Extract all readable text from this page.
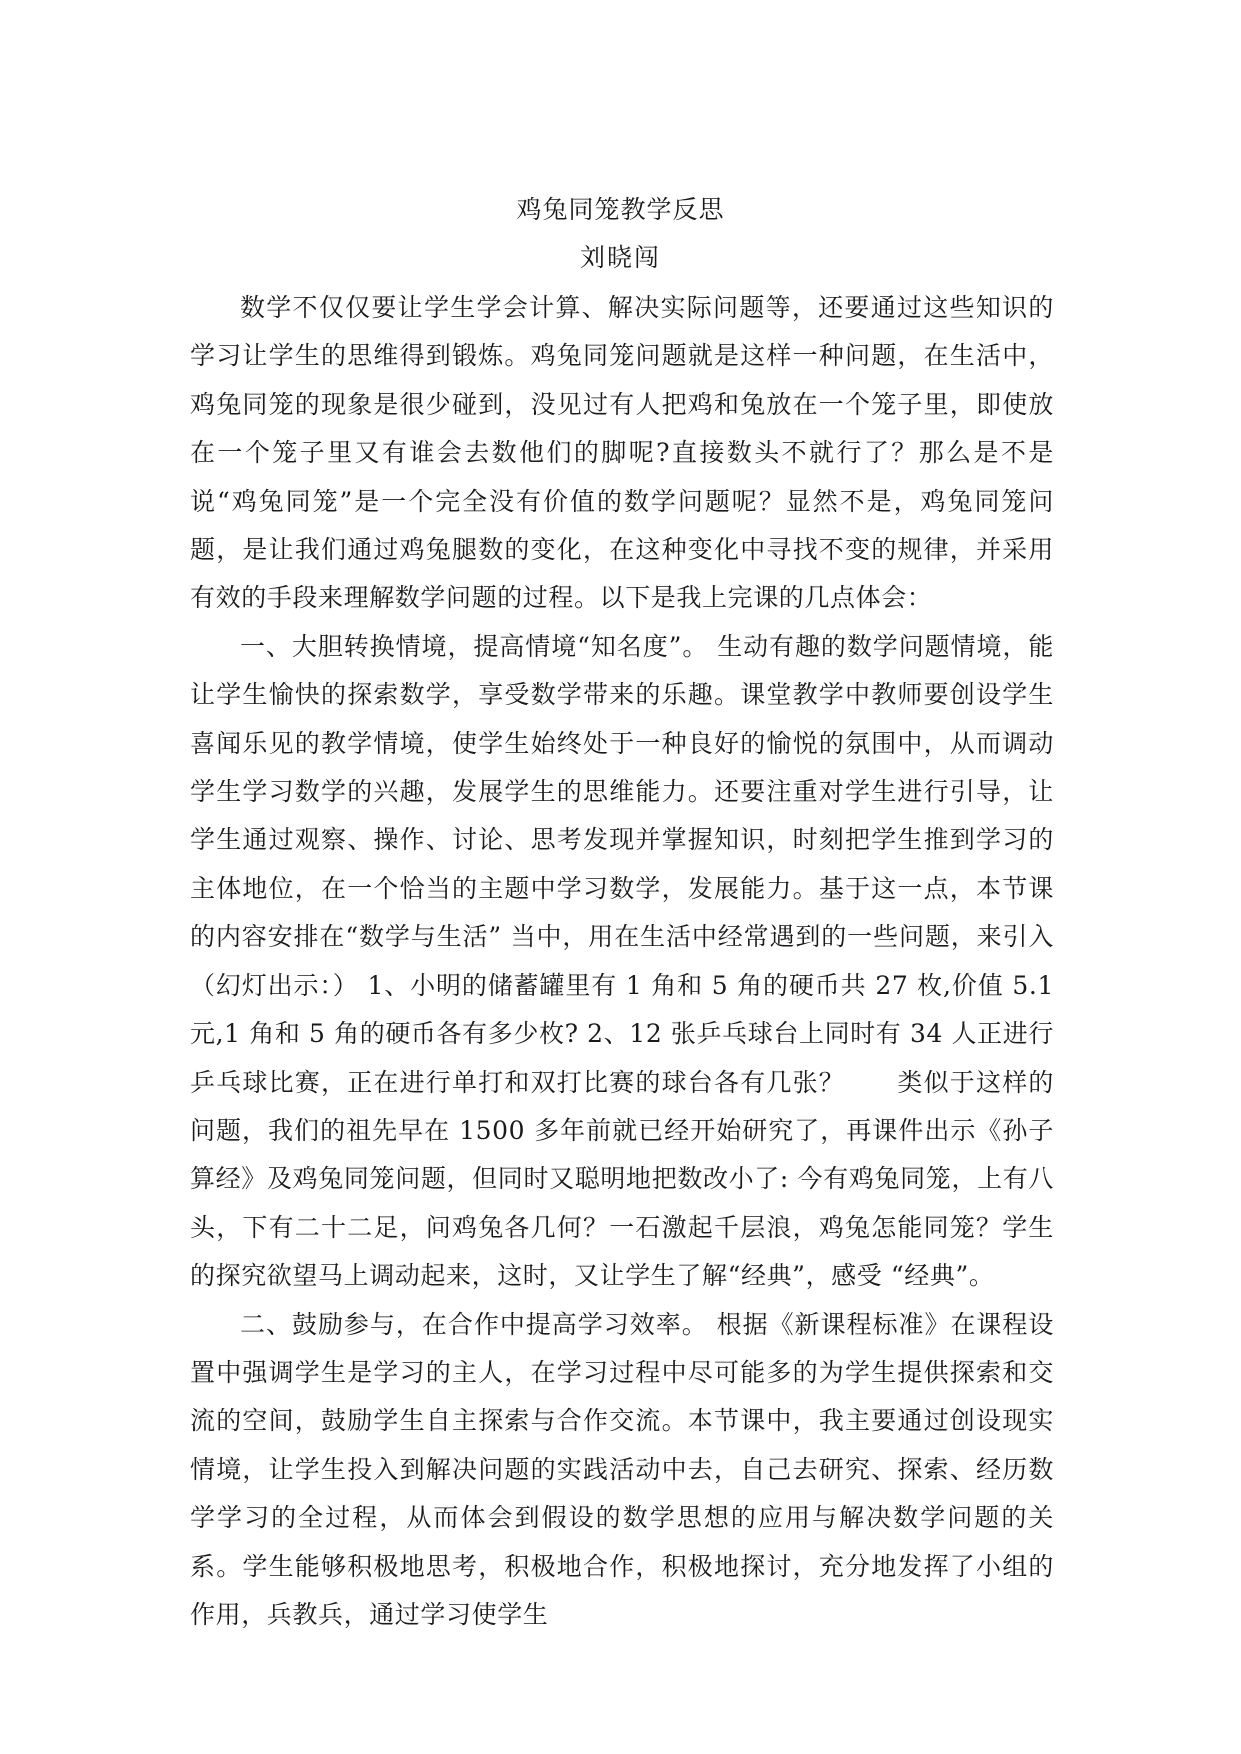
鸡兔同笼教学反思
刘晓闯

数学不仅仅要让学生学会计算、解决实际问题等，还要通过这些知识的学习让学生的思维得到锻炼。鸡兔同笼问题就是这样一种问题，在生活中，鸡兔同笼的现象是很少碰到，没见过有人把鸡和兔放在一个笼子里，即使放在一个笼子里又有谁会去数他们的脚呢?直接数头不就行了？那么是不是说“鸡兔同笼”是一个完全没有价值的数学问题呢？显然不是，鸡兔同笼问题，是让我们通过鸡兔腿数的变化，在这种变化中寻找不变的规律，并采用有效的手段来理解数学问题的过程。以下是我上完课的几点体会：

一、大胆转换情境，提高情境“知名度”。 生动有趣的数学问题情境，能让学生愉快的探索数学，享受数学带来的乐趣。课堂教学中教师要创设学生喜闻乐见的教学情境，使学生始终处于一种良好的愉悦的氛围中，从而调动学生学习数学的兴趣，发展学生的思维能力。还要注重对学生进行引导，让学生通过观察、操作、讨论、思考发现并掌握知识，时刻把学生推到学习的主体地位，在一个恰当的主题中学习数学，发展能力。基于这一点，本节课的内容安排在“数学与生活” 当中，用在生活中经常遇到的一些问题，来引入（幻灯出示：） 1、小明的储蓄罐里有 1 角和 5 角的硬币共 27 枚,价值 5.1 元,1 角和 5 角的硬币各有多少枚? 2、12 张乒乓球台上同时有 34 人正进行乒乓球比赛，正在进行单打和双打比赛的球台各有几张？　　类似于这样的问题，我们的祖先早在 1500 多年前就已经开始研究了，再课件出示《孙子算经》及鸡兔同笼问题，但同时又聪明地把数改小了: 今有鸡兔同笼，上有八头，下有二十二足，问鸡兔各几何？一石激起千层浪，鸡兔怎能同笼？学生的探究欲望马上调动起来，这时，又让学生了解“经典”，感受 “经典”。

二、鼓励参与，在合作中提高学习效率。 根据《新课程标准》在课程设置中强调学生是学习的主人，在学习过程中尽可能多的为学生提供探索和交流的空间，鼓励学生自主探索与合作交流。本节课中，我主要通过创设现实情境，让学生投入到解决问题的实践活动中去，自己去研究、探索、经历数学学习的全过程，从而体会到假设的数学思想的应用与解决数学问题的关系。学生能够积极地思考，积极地合作，积极地探讨，充分地发挥了小组的作用，兵教兵，通过学习使学生
